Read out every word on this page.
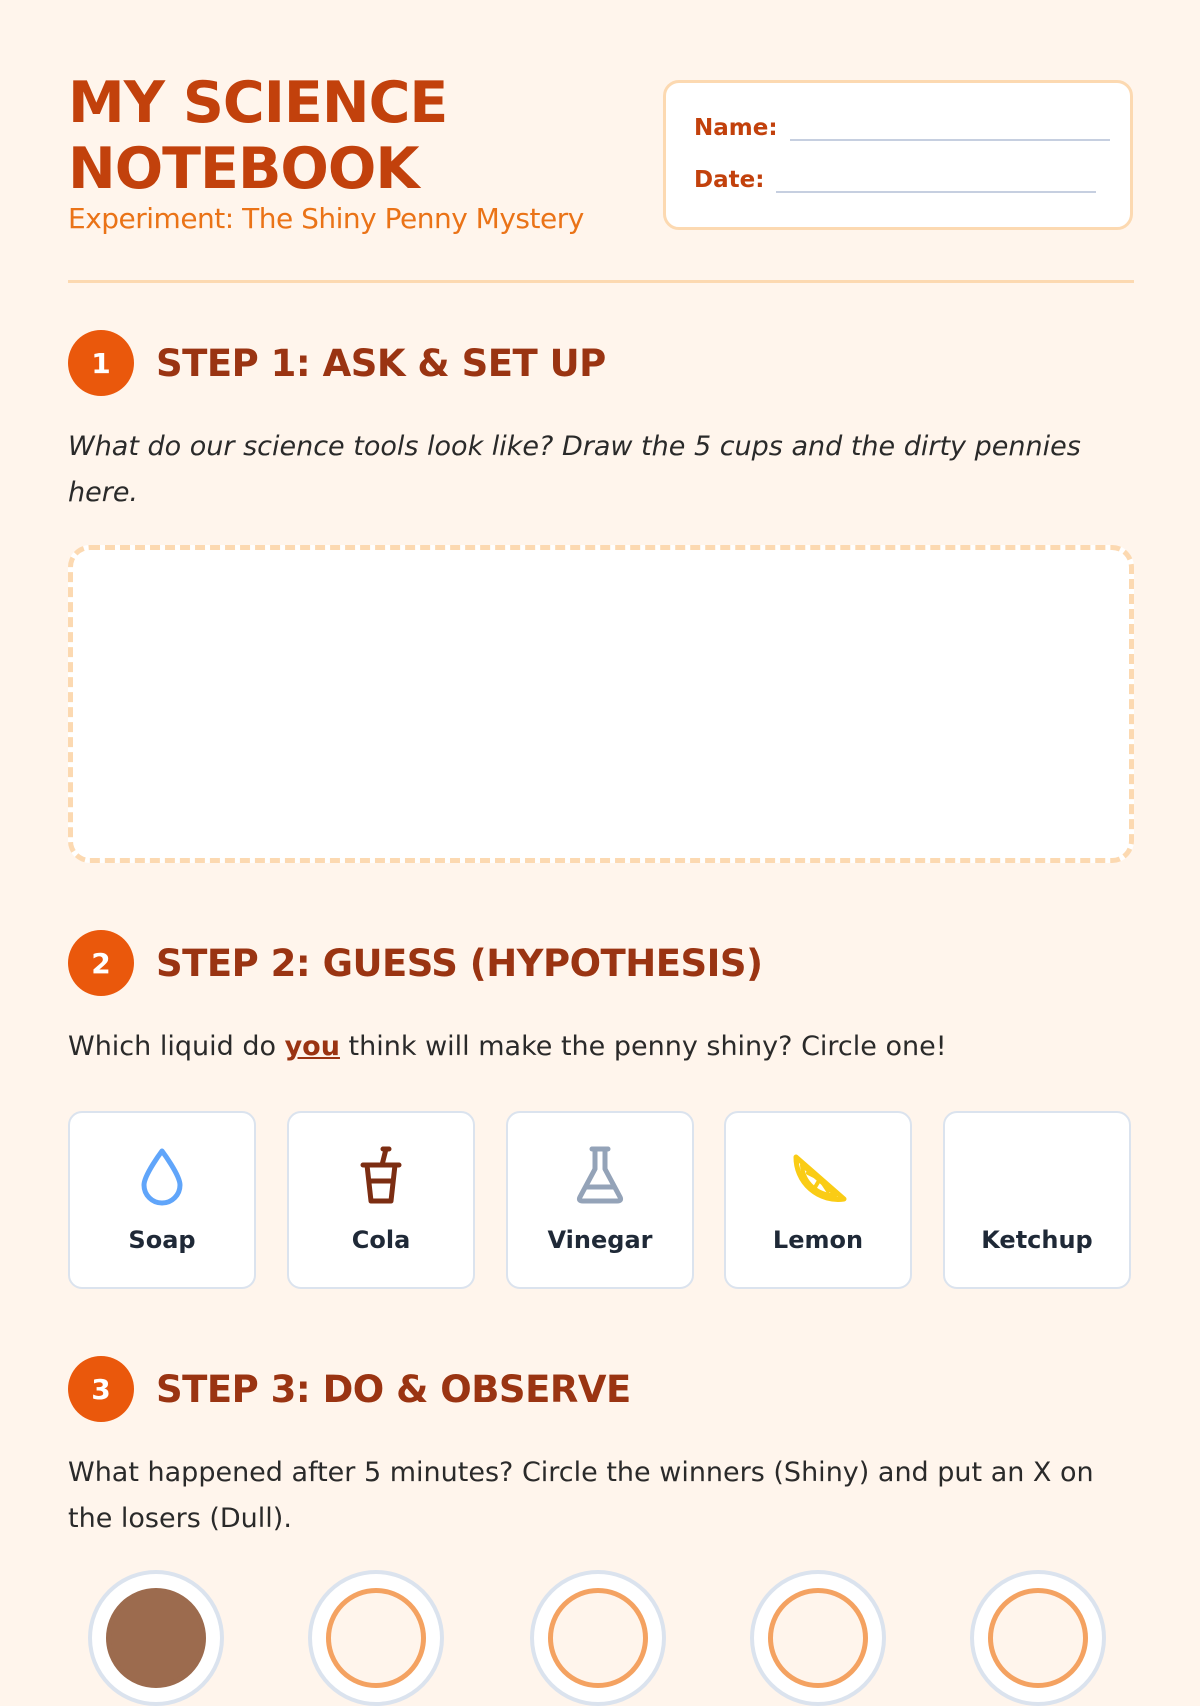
MY SCIENCE
NOTEBOOK

Experiment: The Shiny Penny Mystery

Name:
Date:
1	STEP 1: ASK & SET UP

What do our science tools look like? Draw the 5 cups and the dirty pennies here.

2	STEP 2: GUESS (HYPOTHESIS)

Which liquid do you think will make the penny shiny? Circle one!

Soap	Cola	Vinegar	Lemon	Ketchup
3	STEP 3: DO & OBSERVE

What happened after 5 minutes? Circle the winners (Shiny) and put an X on the losers (Dull).
